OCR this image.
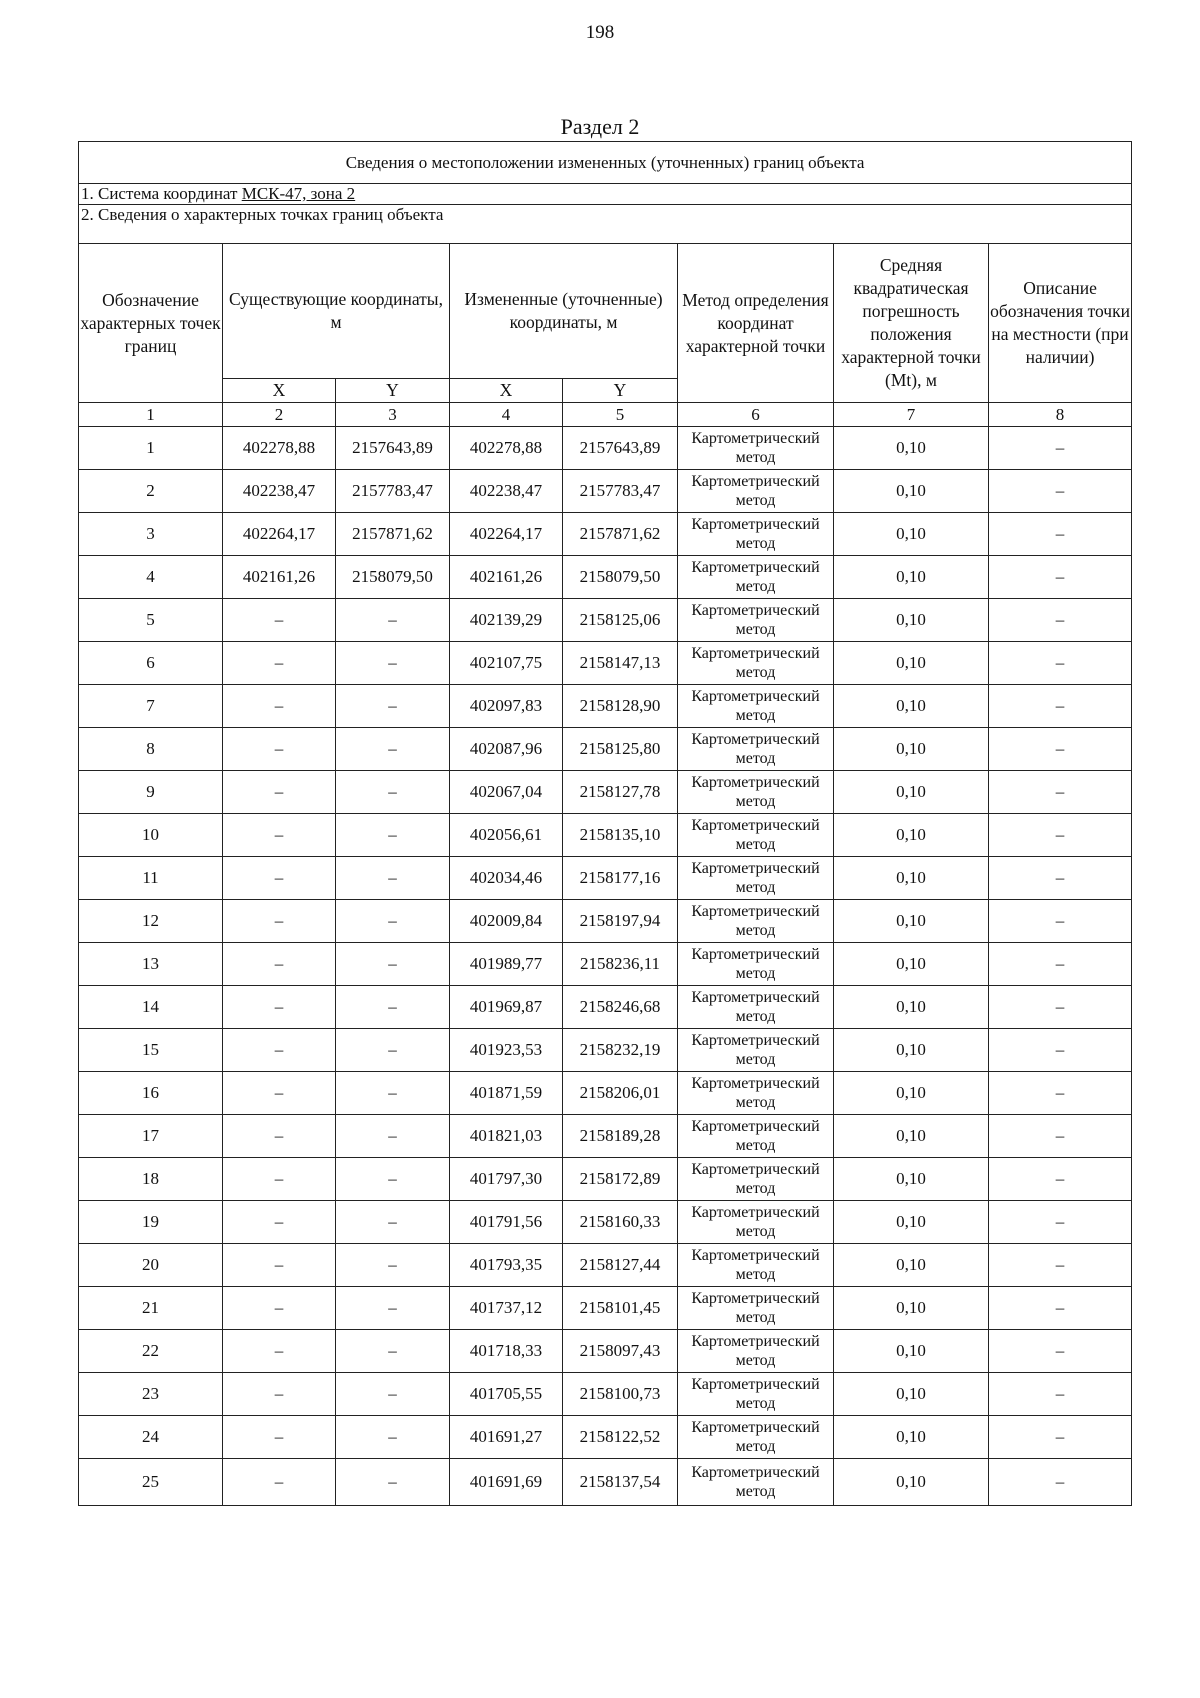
198
Раздел 2
Сведения о местоположении измененных (уточненных) границ объекта							
1. Система координат МСК-47, зона 2							
2. Сведения о характерных точках границ объекта							
Обозначение характерных точек границ	Существующие координаты, м		Измененные (уточненные) координаты, м		Метод определения координат характерной точки	Средняя квадратическая погрешность положения характерной точки (Mt), м	Описание обозначения точки на местности (при наличии)
	X	Y	X	Y			
1	2	3	4	5	6	7	8
1	402278,88	2157643,89	402278,88	2157643,89	Картометрический метод	0,10	–
2	402238,47	2157783,47	402238,47	2157783,47	Картометрический метод	0,10	–
3	402264,17	2157871,62	402264,17	2157871,62	Картометрический метод	0,10	–
4	402161,26	2158079,50	402161,26	2158079,50	Картометрический метод	0,10	–
5	–	–	402139,29	2158125,06	Картометрический метод	0,10	–
6	–	–	402107,75	2158147,13	Картометрический метод	0,10	–
7	–	–	402097,83	2158128,90	Картометрический метод	0,10	–
8	–	–	402087,96	2158125,80	Картометрический метод	0,10	–
9	–	–	402067,04	2158127,78	Картометрический метод	0,10	–
10	–	–	402056,61	2158135,10	Картометрический метод	0,10	–
11	–	–	402034,46	2158177,16	Картометрический метод	0,10	–
12	–	–	402009,84	2158197,94	Картометрический метод	0,10	–
13	–	–	401989,77	2158236,11	Картометрический метод	0,10	–
14	–	–	401969,87	2158246,68	Картометрический метод	0,10	–
15	–	–	401923,53	2158232,19	Картометрический метод	0,10	–
16	–	–	401871,59	2158206,01	Картометрический метод	0,10	–
17	–	–	401821,03	2158189,28	Картометрический метод	0,10	–
18	–	–	401797,30	2158172,89	Картометрический метод	0,10	–
19	–	–	401791,56	2158160,33	Картометрический метод	0,10	–
20	–	–	401793,35	2158127,44	Картометрический метод	0,10	–
21	–	–	401737,12	2158101,45	Картометрический метод	0,10	–
22	–	–	401718,33	2158097,43	Картометрический метод	0,10	–
23	–	–	401705,55	2158100,73	Картометрический метод	0,10	–
24	–	–	401691,27	2158122,52	Картометрический метод	0,10	–
25	–	–	401691,69	2158137,54	Картометрический метод	0,10	–
